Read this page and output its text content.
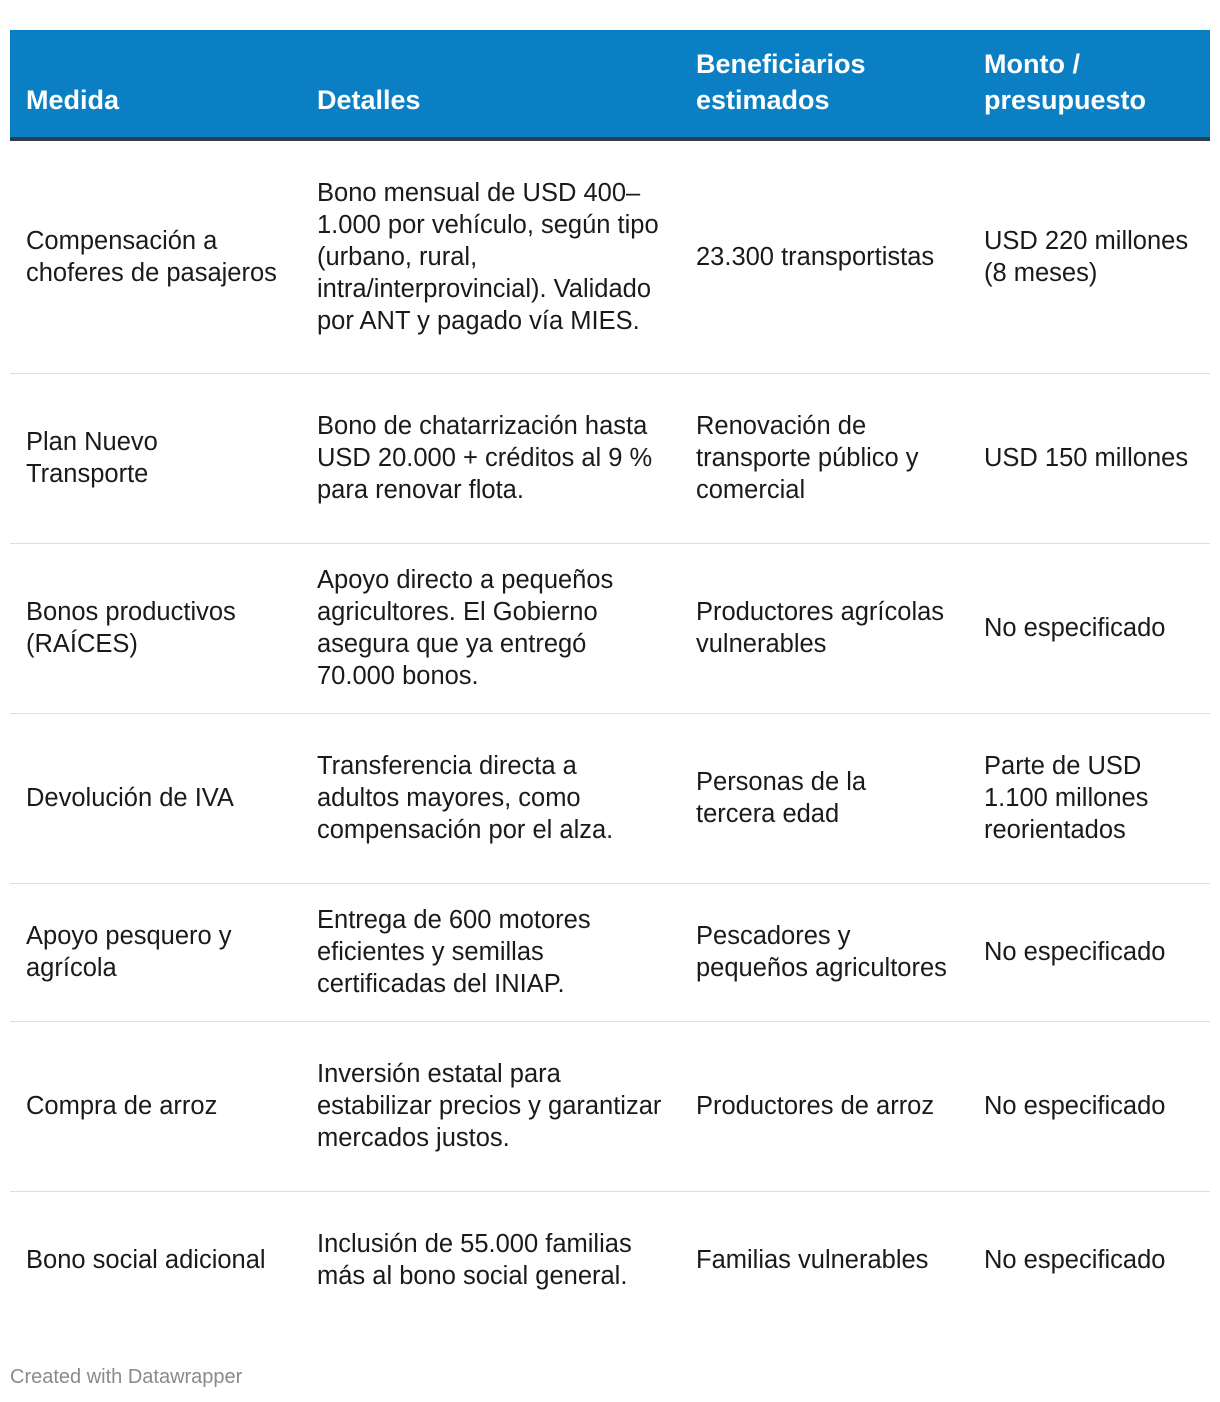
Medida	Detalles	Beneficiarios estimados	Monto / presupuesto
Compensación a choferes de pasajeros	Bono mensual de USD 400–1.000 por vehículo, según tipo (urbano, rural, intra/interprovincial). Validado por ANT y pagado vía MIES.	23.300 transportistas	USD 220 millones (8 meses)
Plan Nuevo Transporte	Bono de chatarrización hasta USD 20.000 + créditos al 9 % para renovar flota.	Renovación de transporte público y comercial	USD 150 millones
Bonos productivos (RAÍCES)	Apoyo directo a pequeños agricultores. El Gobierno asegura que ya entregó 70.000 bonos.	Productores agrícolas vulnerables	No especificado
Devolución de IVA	Transferencia directa a adultos mayores, como compensación por el alza.	Personas de la tercera edad	Parte de USD 1.100 millones reorientados
Apoyo pesquero y agrícola	Entrega de 600 motores eficientes y semillas certificadas del INIAP.	Pescadores y pequeños agricultores	No especificado
Compra de arroz	Inversión estatal para estabilizar precios y garantizar mercados justos.	Productores de arroz	No especificado
Bono social adicional	Inclusión de 55.000 familias más al bono social general.	Familias vulnerables	No especificado
Created with Datawrapper
